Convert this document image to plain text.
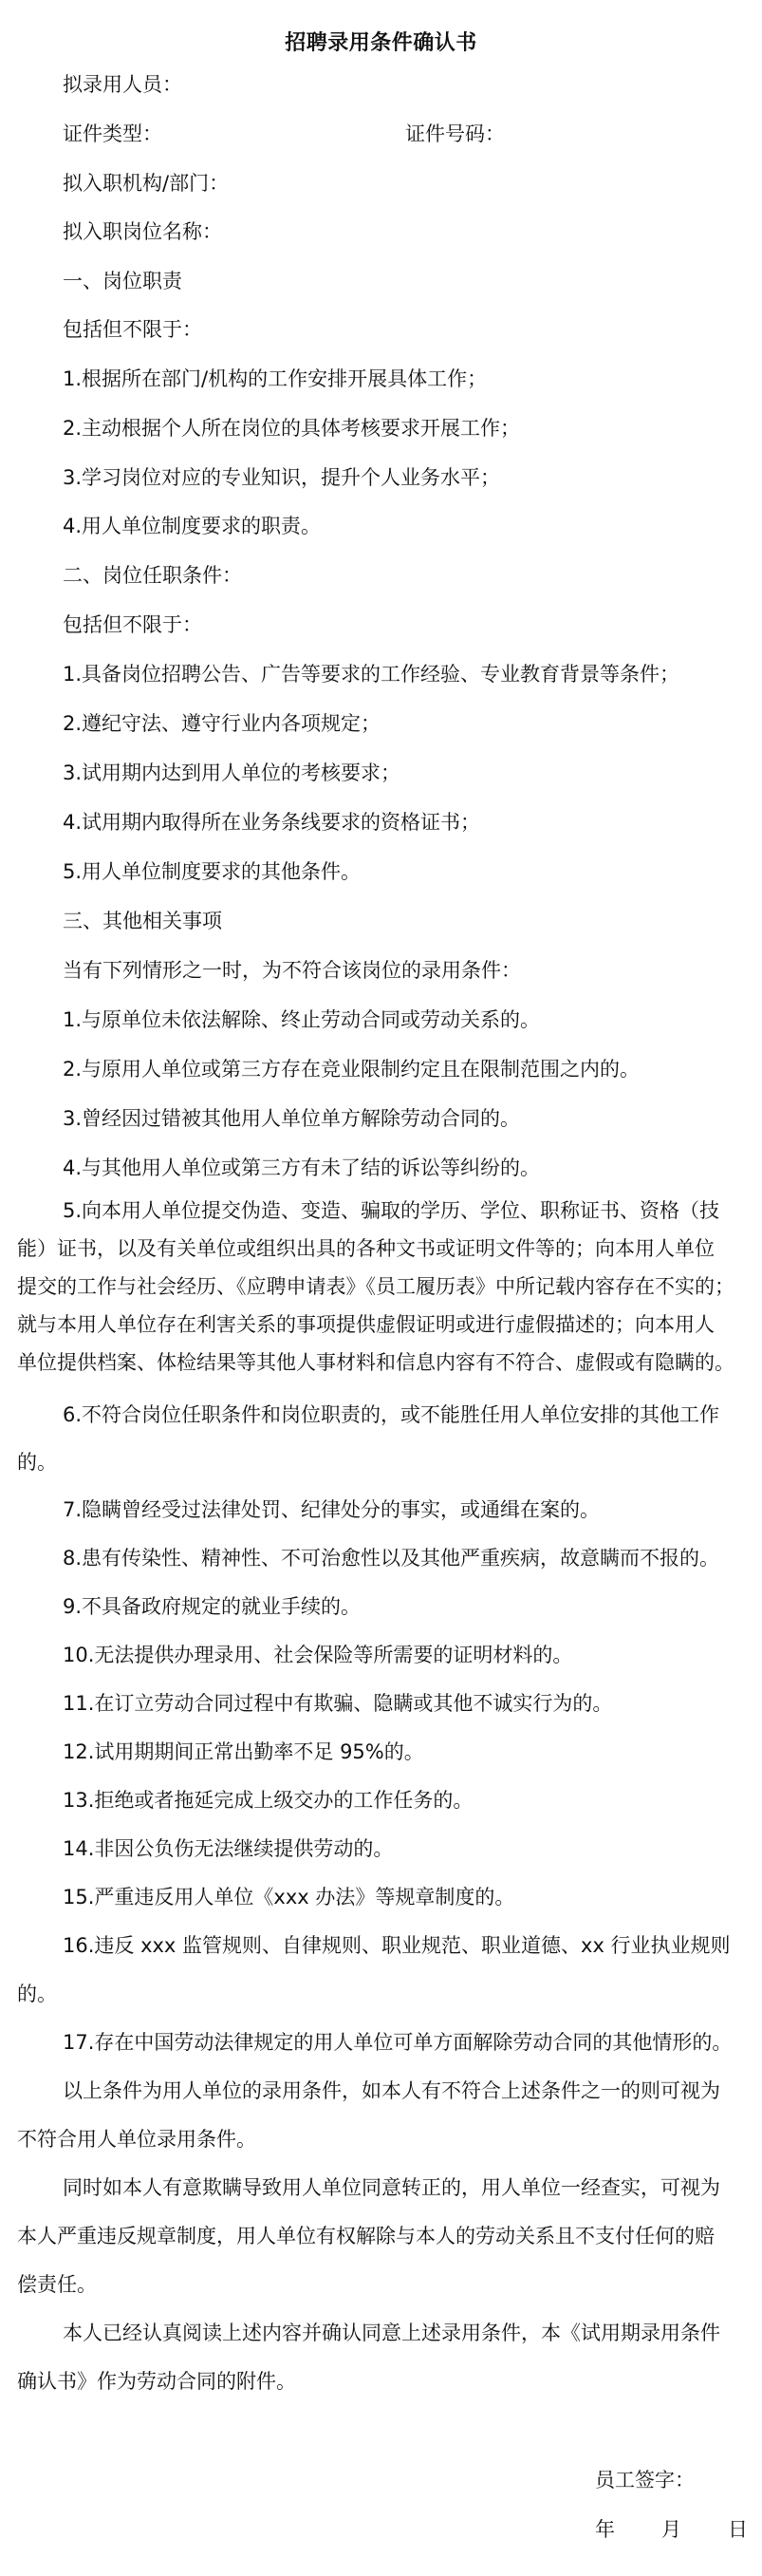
招聘录用条件确认书
拟录用人员：
证件类型：	证件号码：
拟入职机构/部门：
拟入职岗位名称：
一、岗位职责
包括但不限于：
1.根据所在部门/机构的工作安排开展具体工作；
2.主动根据个人所在岗位的具体考核要求开展工作；
3.学习岗位对应的专业知识，提升个人业务水平；
4.用人单位制度要求的职责。
二、岗位任职条件：
包括但不限于：
1.具备岗位招聘公告、广告等要求的工作经验、专业教育背景等条件；
2.遵纪守法、遵守行业内各项规定；
3.试用期内达到用人单位的考核要求；
4.试用期内取得所在业务条线要求的资格证书；
5.用人单位制度要求的其他条件。
三、其他相关事项
当有下列情形之一时，为不符合该岗位的录用条件：
1.与原单位未依法解除、终止劳动合同或劳动关系的。
2.与原用人单位或第三方存在竞业限制约定且在限制范围之内的。
3.曾经因过错被其他用人单位单方解除劳动合同的。
4.与其他用人单位或第三方有未了结的诉讼等纠纷的。
5.向本用人单位提交伪造、变造、骗取的学历、学位、职称证书、资格（技
能）证书，以及有关单位或组织出具的各种文书或证明文件等的；向本用人单位
提交的工作与社会经历、《应聘申请表》《员工履历表》中所记载内容存在不实的；
就与本用人单位存在利害关系的事项提供虚假证明或进行虚假描述的；向本用人
单位提供档案、体检结果等其他人事材料和信息内容有不符合、虚假或有隐瞒的。
6.不符合岗位任职条件和岗位职责的，或不能胜任用人单位安排的其他工作
的。
7.隐瞒曾经受过法律处罚、纪律处分的事实，或通缉在案的。
8.患有传染性、精神性、不可治愈性以及其他严重疾病，故意瞒而不报的。
9.不具备政府规定的就业手续的。
10.无法提供办理录用、社会保险等所需要的证明材料的。
11.在订立劳动合同过程中有欺骗、隐瞒或其他不诚实行为的。
12.试用期期间正常出勤率不足 95%的。
13.拒绝或者拖延完成上级交办的工作任务的。
14.非因公负伤无法继续提供劳动的。
15.严重违反用人单位《xxx 办法》等规章制度的。
16.违反 xxx 监管规则、自律规则、职业规范、职业道德、xx 行业执业规则
的。
17.存在中国劳动法律规定的用人单位可单方面解除劳动合同的其他情形的。
以上条件为用人单位的录用条件，如本人有不符合上述条件之一的则可视为
不符合用人单位录用条件。
同时如本人有意欺瞒导致用人单位同意转正的，用人单位一经查实，可视为
本人严重违反规章制度，用人单位有权解除与本人的劳动关系且不支付任何的赔
偿责任。
本人已经认真阅读上述内容并确认同意上述录用条件，本《试用期录用条件
确认书》作为劳动合同的附件。
员工签字：
年 月 日
